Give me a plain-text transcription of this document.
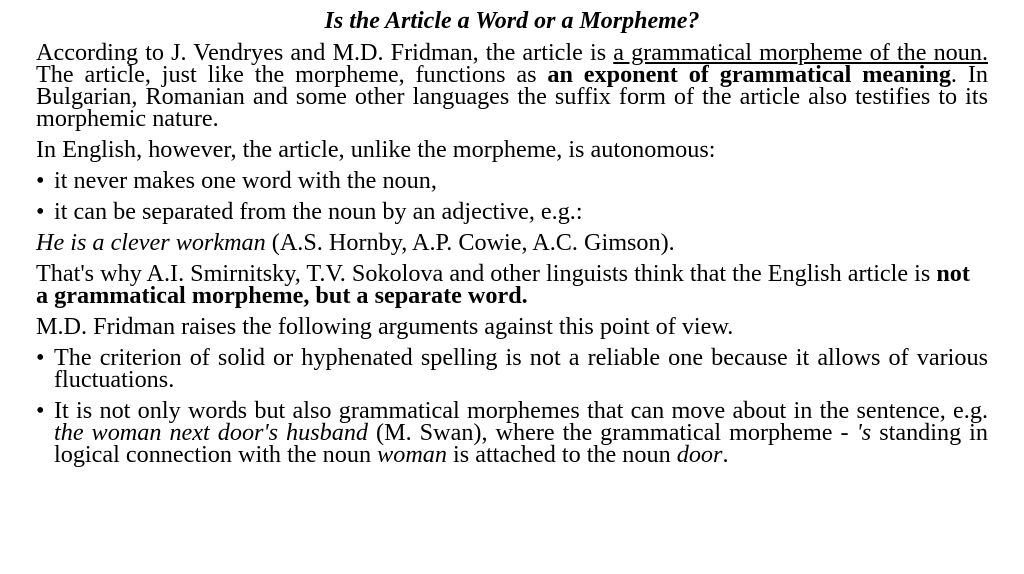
Is the Article a Word or a Morpheme?

According to J. Vendryes and M.D. Fridman, the article is a grammatical morpheme of the noun. The article, just like the morpheme, functions as an exponent of grammatical meaning. In Bulgarian, Romanian and some other languages the suffix form of the article also testifies to its morphemic nature.

In English, however, the article, unlike the morpheme, is autonomous:

• it never makes one word with the noun,

• it can be separated from the noun by an adjective, e.g.:

He is a clever workman (A.S. Hornby, A.P. Cowie, A.C. Gimson).

That's why A.I. Smirnitsky, T.V. Sokolova and other linguists think that the English article is not a grammatical morpheme, but a separate word.

M.D. Fridman raises the following arguments against this point of view.

• The criterion of solid or hyphenated spelling is not a reliable one because it allows of various fluctuations.

• It is not only words but also grammatical morphemes that can move about in the sentence, e.g. the woman next door's husband (M. Swan), where the grammatical morpheme - 's standing in logical connection with the noun woman is attached to the noun door.
